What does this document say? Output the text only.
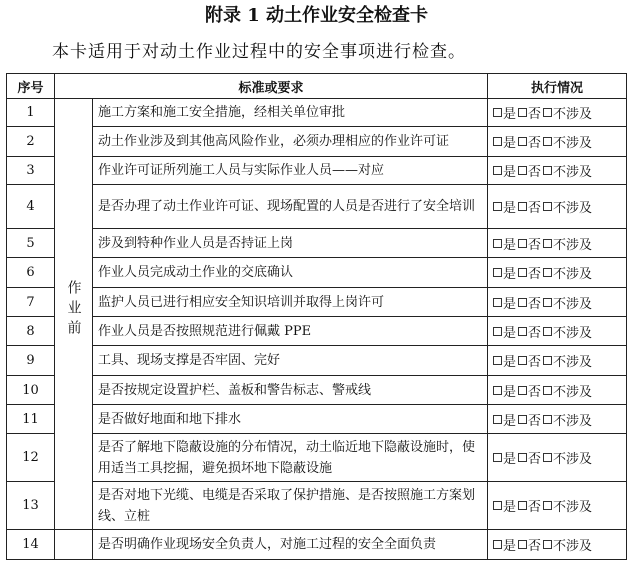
附录 1 动土作业安全检查卡
本卡适用于对动土作业过程中的安全事项进行检查。
序号	标准或要求		执行情况
1	作业前	施工方案和施工安全措施，经相关单位审批	是 否 不涉及
2		动土作业涉及到其他高风险作业，必须办理相应的作业许可证	是 否 不涉及
3		作业许可证所列施工人员与实际作业人员——对应	是 否 不涉及
4		是否办理了动土作业许可证、现场配置的人员是否进行了安全培训	是 否 不涉及
5		涉及到特种作业人员是否持证上岗	是 否 不涉及
6		作业人员完成动土作业的交底确认	是 否 不涉及
7		监护人员已进行相应安全知识培训并取得上岗许可	是 否 不涉及
8		作业人员是否按照规范进行佩戴 PPE	是 否 不涉及
9		工具、现场支撑是否牢固、完好	是 否 不涉及
10		是否按规定设置护栏、盖板和警告标志、警戒线	是 否 不涉及
11		是否做好地面和地下排水	是 否 不涉及
12		是否了解地下隐蔽设施的分布情况，动土临近地下隐蔽设施时，使用适当工具挖掘，避免损坏地下隐蔽设施	是 否 不涉及
13		是否对地下光缆、电缆是否采取了保护措施、是否按照施工方案划线、立桩	是 否 不涉及
14		是否明确作业现场安全负责人，对施工过程的安全全面负责	是 否 不涉及
